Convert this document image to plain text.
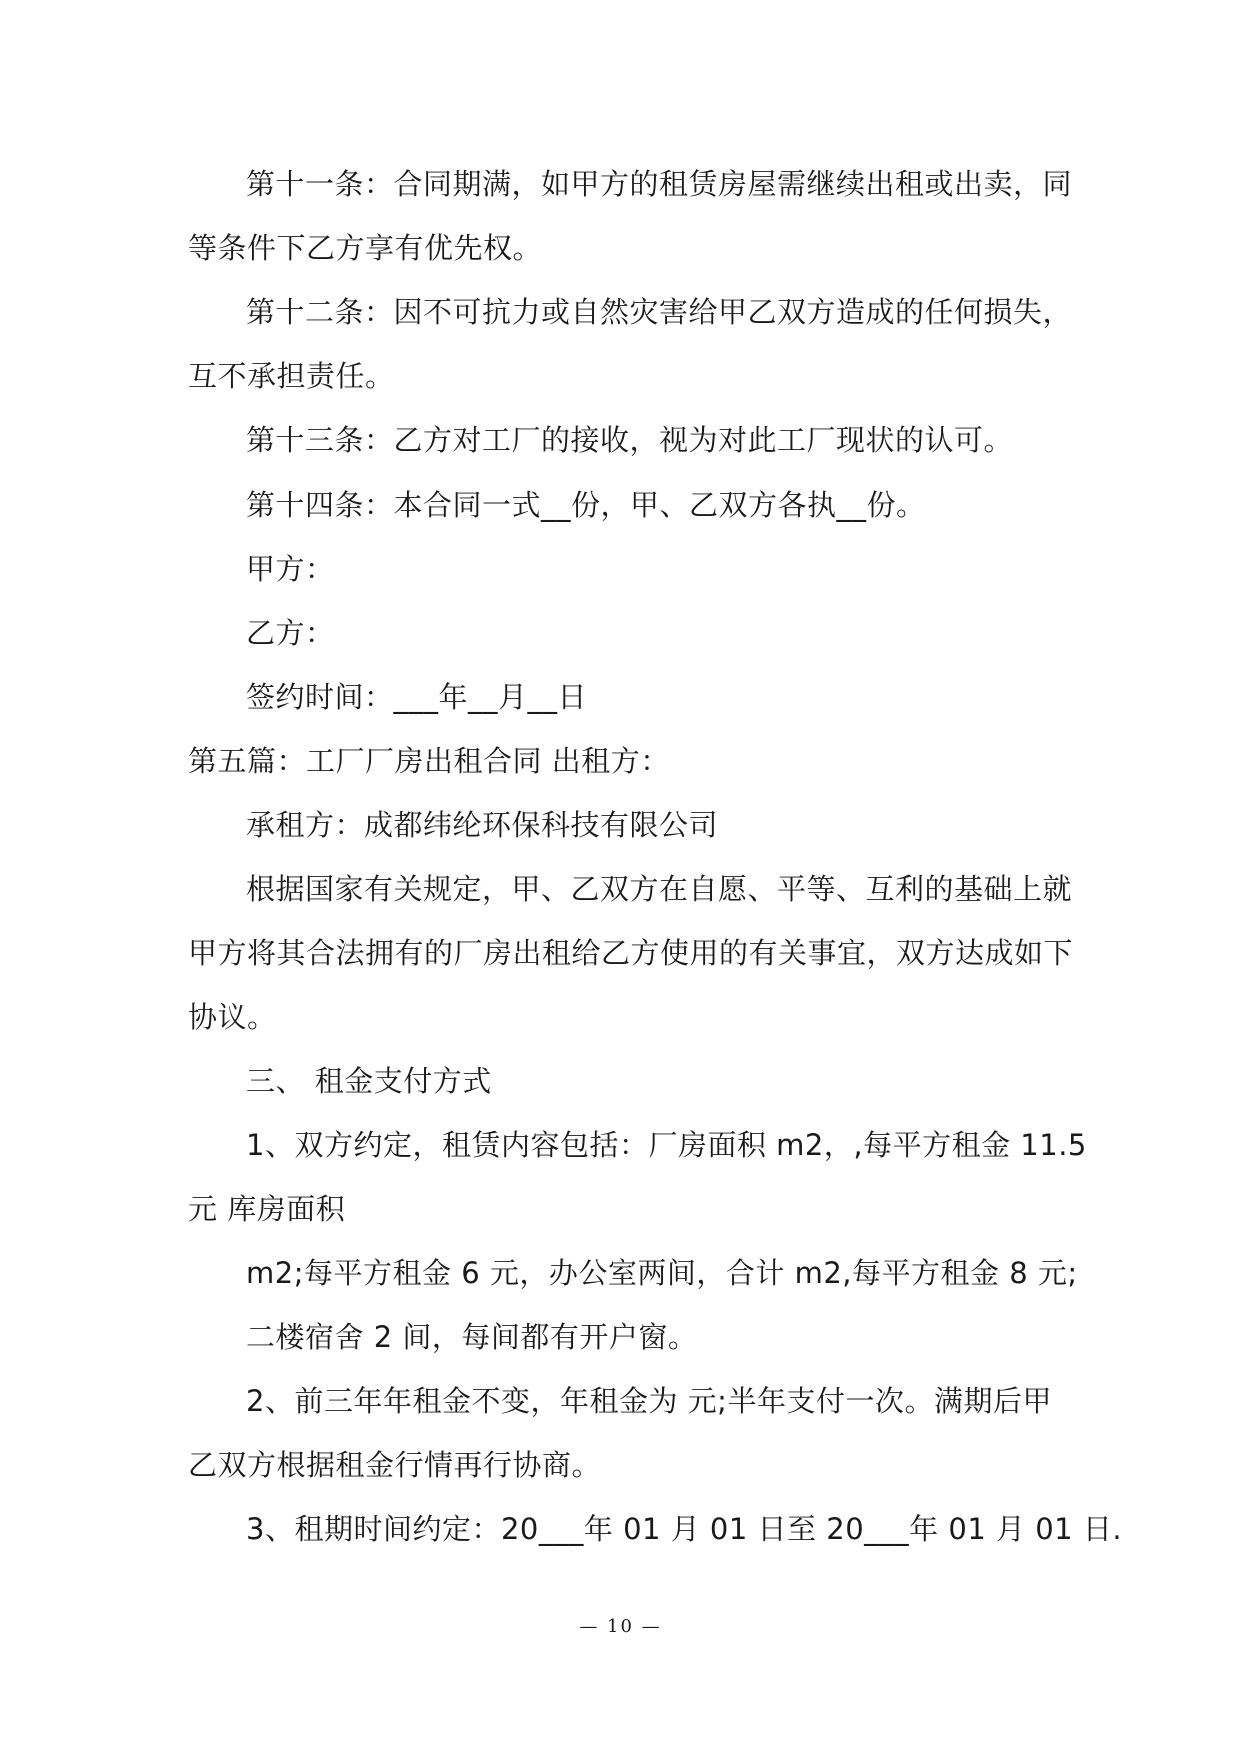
第十一条：合同期满，如甲方的租赁房屋需继续出租或出卖，同
等条件下乙方享有优先权。
第十二条：因不可抗力或自然灾害给甲乙双方造成的任何损失，
互不承担责任。
第十三条：乙方对工厂的接收，视为对此工厂现状的认可。
第十四条：本合同一式__份，甲、乙双方各执__份。
甲方：
乙方：
签约时间：___年__月__日
第五篇：工厂厂房出租合同 出租方：
承租方：成都纬纶环保科技有限公司
根据国家有关规定，甲、乙双方在自愿、平等、互利的基础上就
甲方将其合法拥有的厂房出租给乙方使用的有关事宜，双方达成如下
协议。
三、 租金支付方式
1、双方约定，租赁内容包括：厂房面积 m2，,每平方租金 11.5
元 库房面积
m2;每平方租金 6 元，办公室两间，合计 m2,每平方租金 8 元;
二楼宿舍 2 间，每间都有开户窗。
2、前三年年租金不变，年租金为 元;半年支付一次。满期后甲
乙双方根据租金行情再行协商。
3、租期时间约定：20___年 01 月 01 日至 20___年 01 月 01 日.
— 10 —
